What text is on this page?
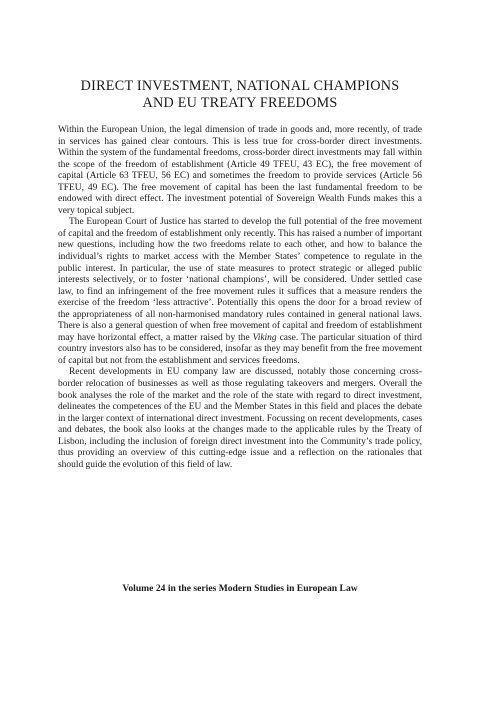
DIRECT INVESTMENT, NATIONAL CHAMPIONS
AND EU TREATY FREEDOMS

Within the European Union, the legal dimension of trade in goods and, more recently, of trade in services has gained clear contours. This is less true for cross-border direct investments. Within the system of the fundamental freedoms, cross-border direct investments may fall within the scope of the freedom of establishment (Article 49 TFEU, 43 EC), the free movement of capital (Article 63 TFEU, 56 EC) and sometimes the freedom to provide services (Article 56 TFEU, 49 EC). The free movement of capital has been the last fundamental freedom to be endowed with direct effect. The investment potential of Sovereign Wealth Funds makes this a very topical subject.

The European Court of Justice has started to develop the full potential of the free movement of capital and the freedom of establishment only recently. This has raised a number of important new questions, including how the two freedoms relate to each other, and how to balance the individual’s rights to market access with the Member States’ competence to regulate in the public interest. In particular, the use of state measures to protect strategic or alleged public interests selectively, or to foster ‘national champions’, will be considered. Under settled case law, to find an infringement of the free movement rules it suffices that a measure renders the exercise of the freedom ‘less attractive’. Potentially this opens the door for a broad review of the appropriateness of all non-harmonised mandatory rules contained in general national laws. There is also a general question of when free movement of capital and freedom of establishment may have horizontal effect, a matter raised by the Viking case. The particular situation of third country investors also has to be considered, insofar as they may benefit from the free movement of capital but not from the establishment and services freedoms.

Recent developments in EU company law are discussed, notably those concerning cross-border relocation of businesses as well as those regulating takeovers and mergers. Overall the book analyses the role of the market and the role of the state with regard to direct investment, delineates the competences of the EU and the Member States in this field and places the debate in the larger context of international direct investment. Focussing on recent developments, cases and debates, the book also looks at the changes made to the applicable rules by the Treaty of Lisbon, including the inclusion of foreign direct investment into the Community’s trade policy, thus providing an overview of this cutting-edge issue and a reflection on the rationales that should guide the evolution of this field of law.

Volume 24 in the series Modern Studies in European Law
